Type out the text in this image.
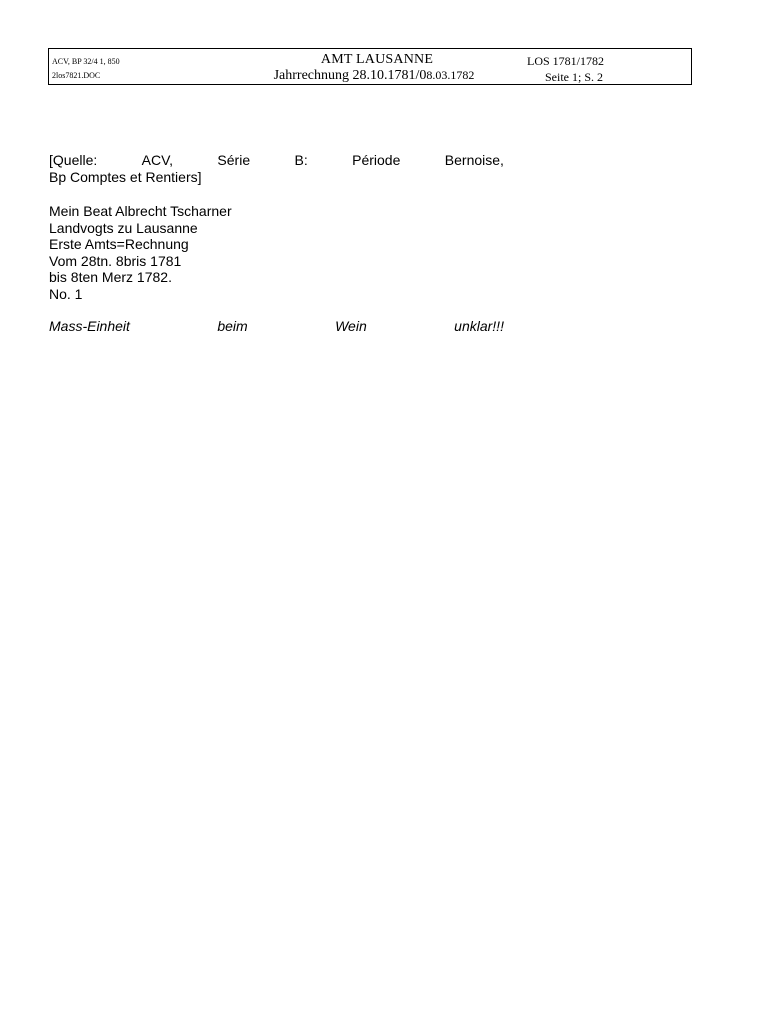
ACV, BP 32/4 1, 850
2los7821.DOC
AMT LAUSANNE
Jahrrechnung 28.10.1781/08.03.1782
LOS 1781/1782
Seite 1; S. 2
[Quelle:	ACV,	Série	B:	Période	Bernoise,
Bp Comptes et Rentiers]
Mein Beat Albrecht Tscharner
Landvogts zu Lausanne
Erste Amts=Rechnung
Vom 28tn. 8bris 1781
bis 8ten Merz 1782.
No. 1
Mass-Einheit	beim	Wein	unklar!!!
